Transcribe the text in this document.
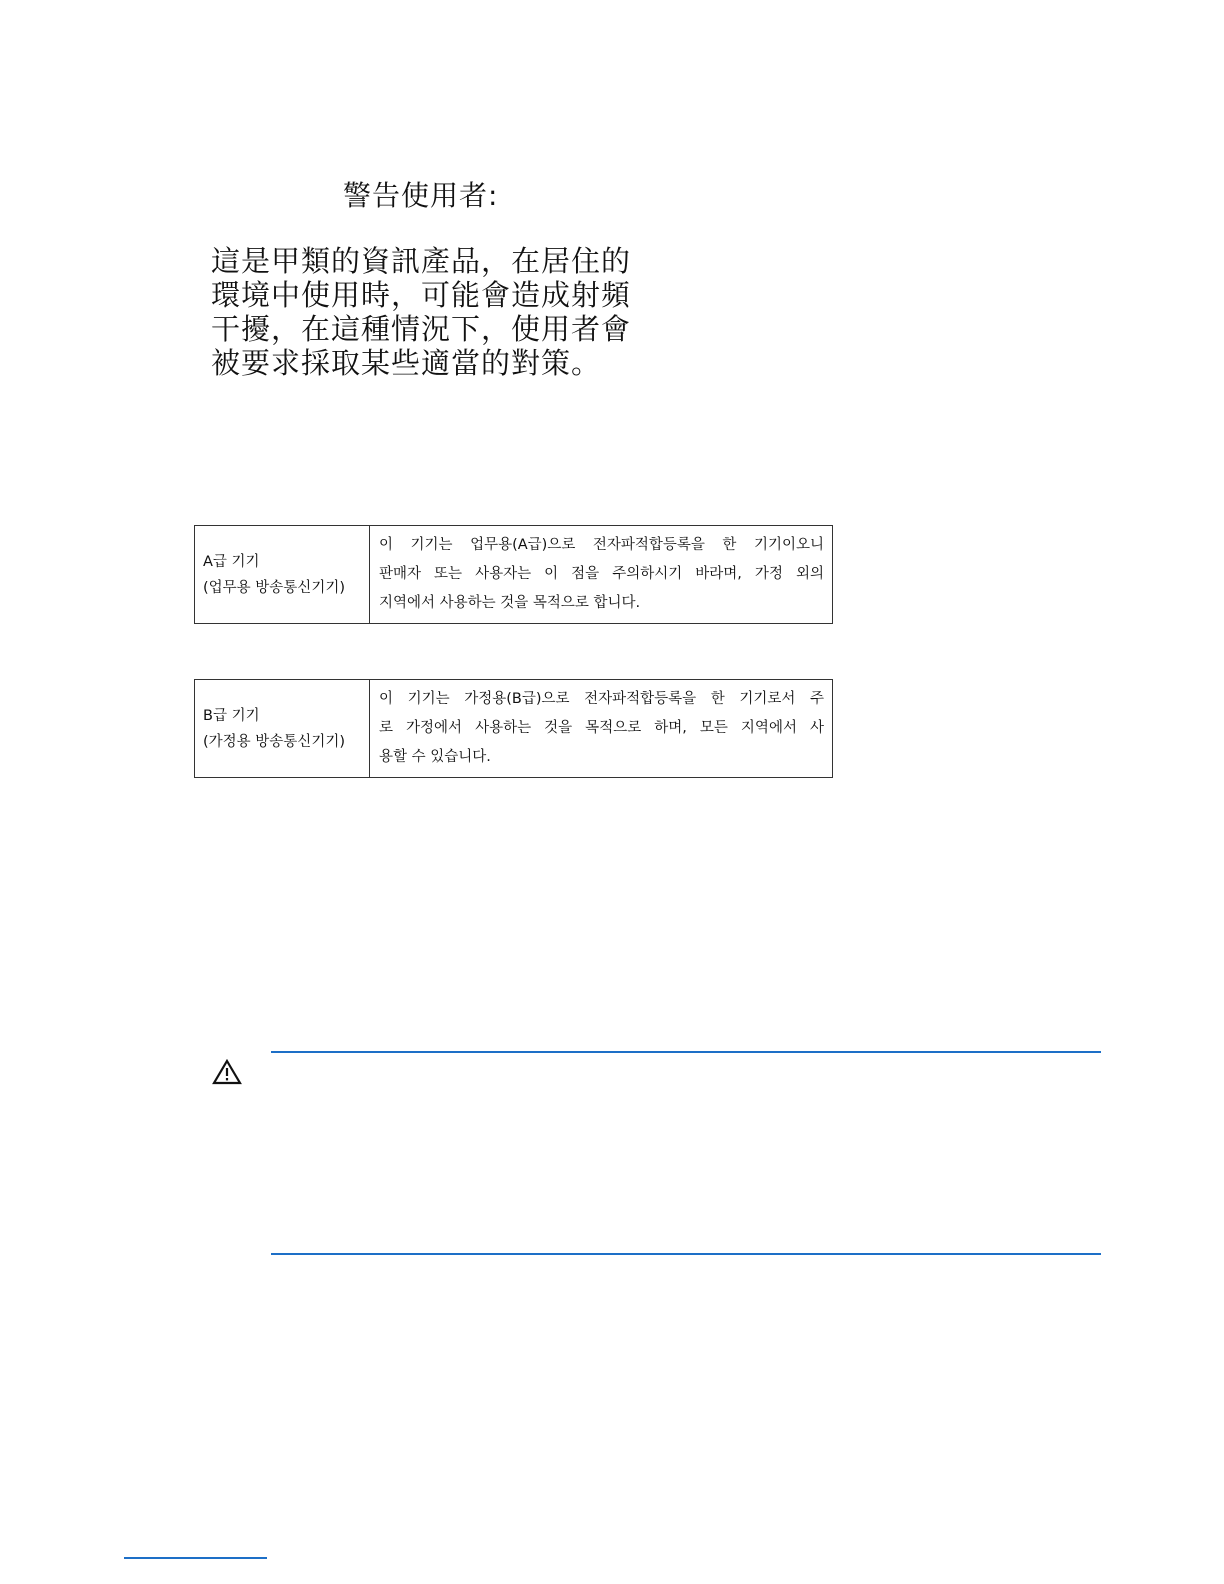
警告使用者:
這是甲類的資訊產品，在居住的
環境中使用時，可能會造成射頻
干擾，在這種情況下，使用者會
被要求採取某些適當的對策。
A급 기기
(업무용 방송통신기기)
이 기기는 업무용(A급)으로 전자파적합등록을 한 기기이오니
판매자 또는 사용자는 이 점을 주의하시기 바라며, 가정 외의
지역에서 사용하는 것을 목적으로 합니다.
B급 기기
(가정용 방송통신기기)
이 기기는 가정용(B급)으로 전자파적합등록을 한 기기로서 주
로 가정에서 사용하는 것을 목적으로 하며, 모든 지역에서 사
용할 수 있습니다.
